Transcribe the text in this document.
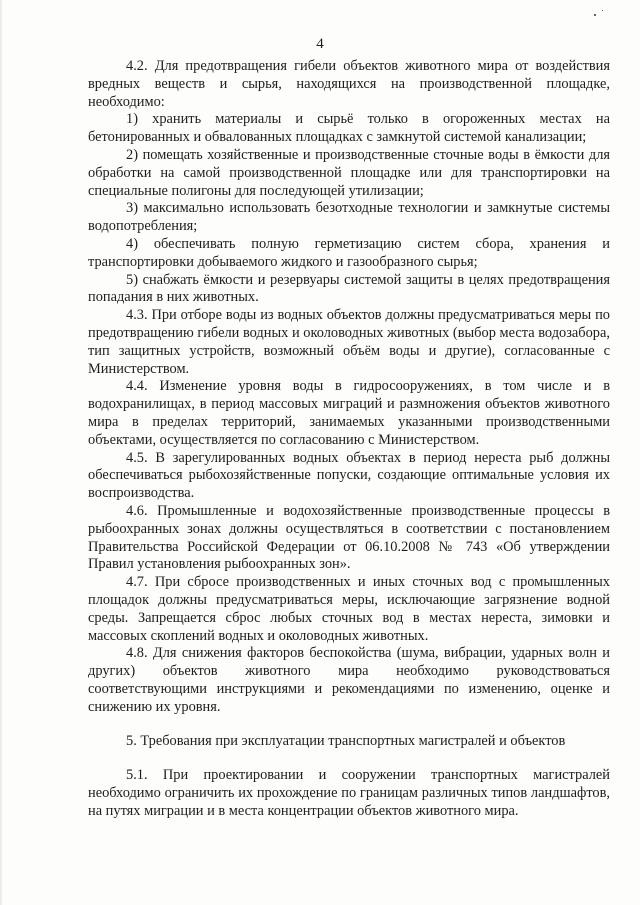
4

4.2. Для предотвращения гибели объектов животного мира от воздействия вредных веществ и сырья, находящихся на производственной площадке, необходимо:

1) хранить материалы и сырьё только в огороженных местах на бетонированных и обвалованных площадках с замкнутой системой канализации;

2) помещать хозяйственные и производственные сточные воды в ёмкости для обработки на самой производственной площадке или для транспортировки на специальные полигоны для последующей утилизации;

3) максимально использовать безотходные технологии и замкнутые системы водопотребления;

4) обеспечивать полную герметизацию систем сбора, хранения и транспортировки добываемого жидкого и газообразного сырья;

5) снабжать ёмкости и резервуары системой защиты в целях предотвращения попадания в них животных.

4.3. При отборе воды из водных объектов должны предусматриваться меры по предотвращению гибели водных и околоводных животных (выбор места водозабора, тип защитных устройств, возможный объём воды и другие), согласованные с Министерством.

4.4. Изменение уровня воды в гидросооружениях, в том числе и в водохранилищах, в период массовых миграций и размножения объектов животного мира в пределах территорий, занимаемых указанными производственными объектами, осуществляется по согласованию с Министерством.

4.5. В зарегулированных водных объектах в период нереста рыб должны обеспечиваться рыбохозяйственные попуски, создающие оптимальные условия их воспроизводства.

4.6. Промышленные и водохозяйственные производственные процессы в рыбоохранных зонах должны осуществляться в соответствии с постановлением Правительства Российской Федерации от 06.10.2008 № 743 «Об утверждении Правил установления рыбоохранных зон».

4.7. При сбросе производственных и иных сточных вод с промышленных площадок должны предусматриваться меры, исключающие загрязнение водной среды. Запрещается сброс любых сточных вод в местах нереста, зимовки и массовых скоплений водных и околоводных животных.

4.8. Для снижения факторов беспокойства (шума, вибрации, ударных волн и других) объектов животного мира необходимо руководствоваться соответствующими инструкциями и рекомендациями по изменению, оценке и снижению их уровня.

5. Требования при эксплуатации транспортных магистралей и объектов

5.1. При проектировании и сооружении транспортных магистралей необходимо ограничить их прохождение по границам различных типов ландшафтов, на путях миграции и в места концентрации объектов животного мира.
